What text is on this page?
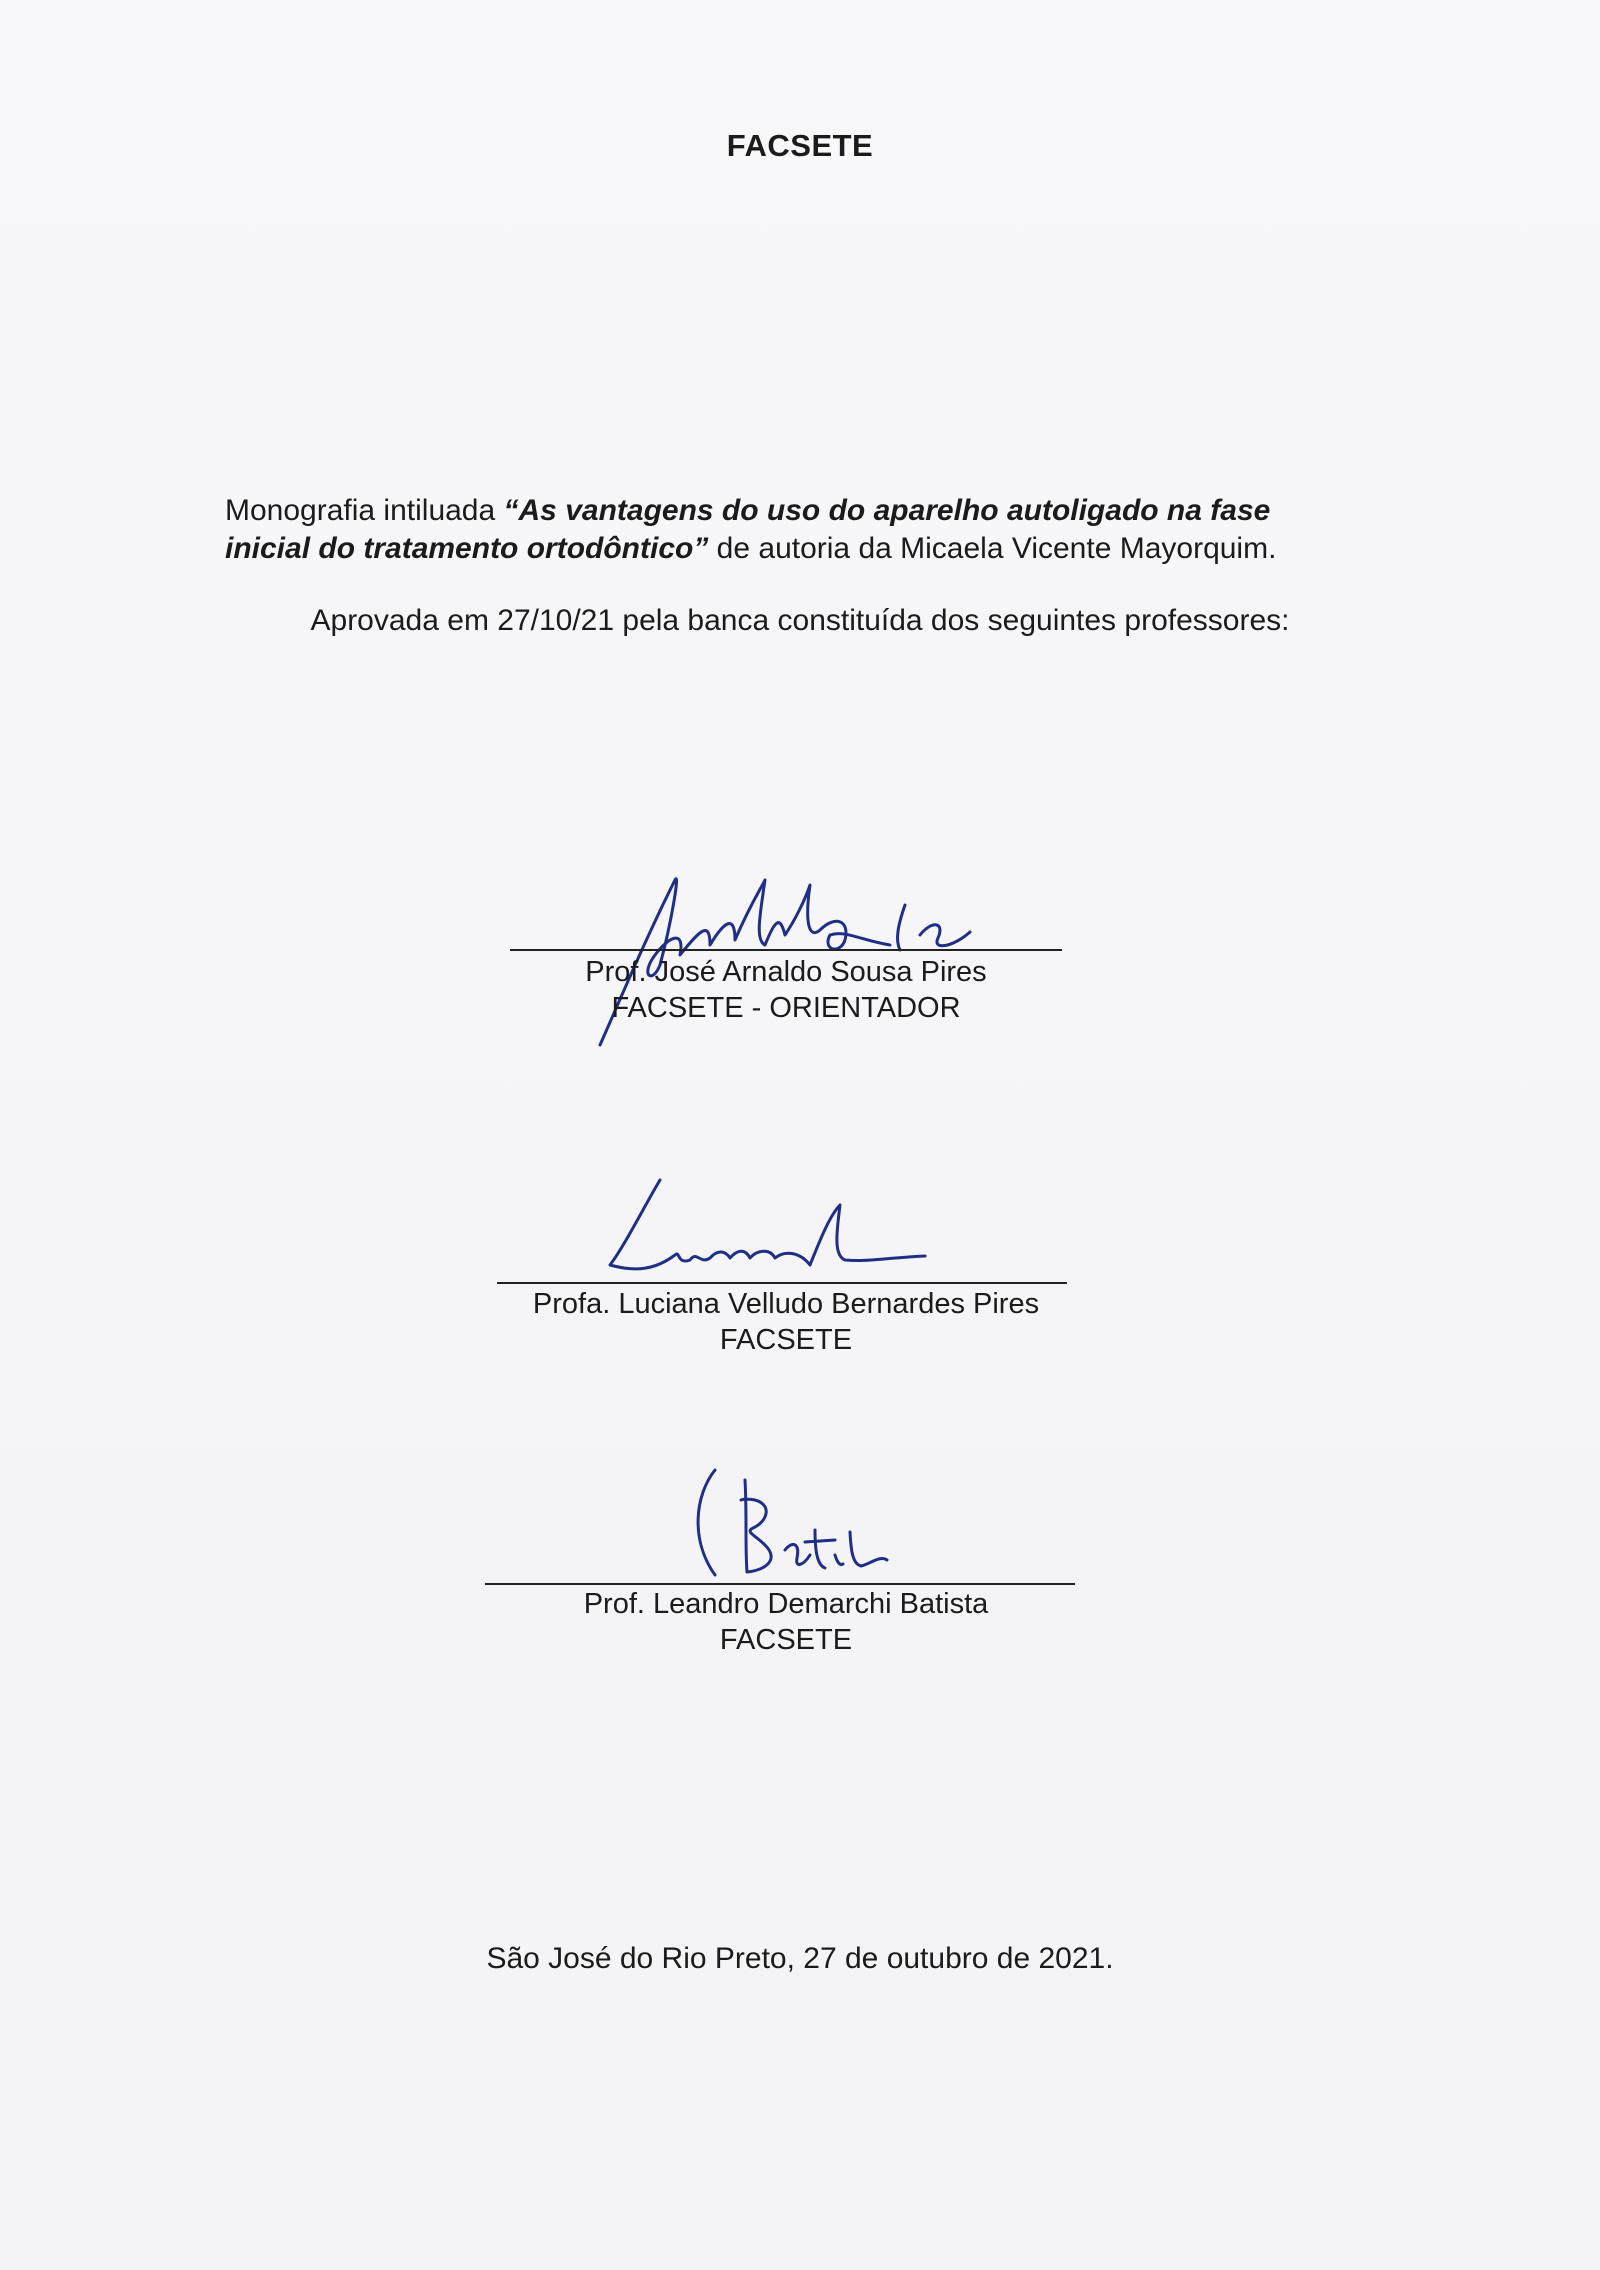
FACSETE
Monografia intiluada “As vantagens do uso do aparelho autoligado na fase inicial do tratamento ortodôntico” de autoria da Micaela Vicente Mayorquim.
Aprovada em 27/10/21 pela banca constituída dos seguintes professores:
Prof. José Arnaldo Sousa Pires
FACSETE - ORIENTADOR
Profa. Luciana Velludo Bernardes Pires
FACSETE
Prof. Leandro Demarchi Batista
FACSETE
São José do Rio Preto, 27 de outubro de 2021.
